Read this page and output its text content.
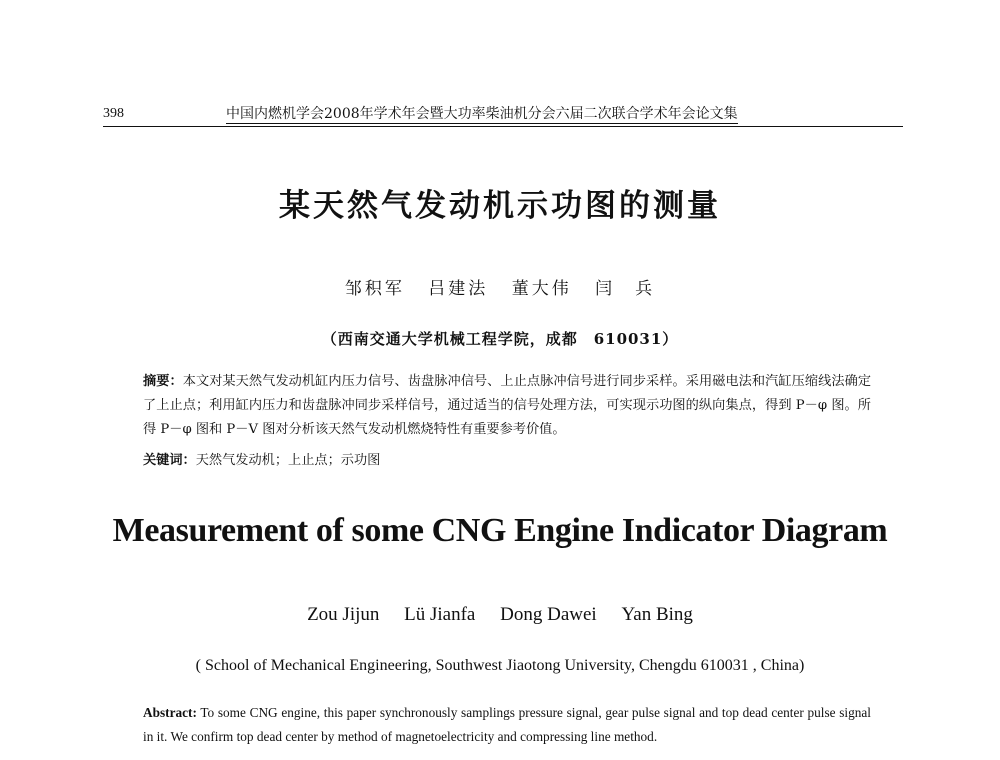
398	中国内燃机学会2008年学术年会暨大功率柴油机分会六届二次联合学术年会论文集
某天然气发动机示功图的测量
邹积军 吕建法 董大伟 闫　兵
（西南交通大学机械工程学院，成都　610031）
摘要：本文对某天然气发动机缸内压力信号、齿盘脉冲信号、上止点脉冲信号进行同步采样。采用磁电法和汽缸压缩线法确定了上止点；利用缸内压力和齿盘脉冲同步采样信号，通过适当的信号处理方法，可实现示功图的纵向集点，得到 P－φ 图。所得 P－φ 图和 P－V 图对分析该天然气发动机燃烧特性有重要参考价值。
关键词：天然气发动机；上止点；示功图
Measurement of some CNG Engine Indicator Diagram
Zou Jijun Lü Jianfa Dong Dawei Yan Bing
( School of Mechanical Engineering, Southwest Jiaotong University, Chengdu 610031 , China)
Abstract: To some CNG engine, this paper synchronously samplings pressure signal, gear pulse signal and top dead center pulse signal in it. We confirm top dead center by method of magnetoelectricity and compressing line method.
